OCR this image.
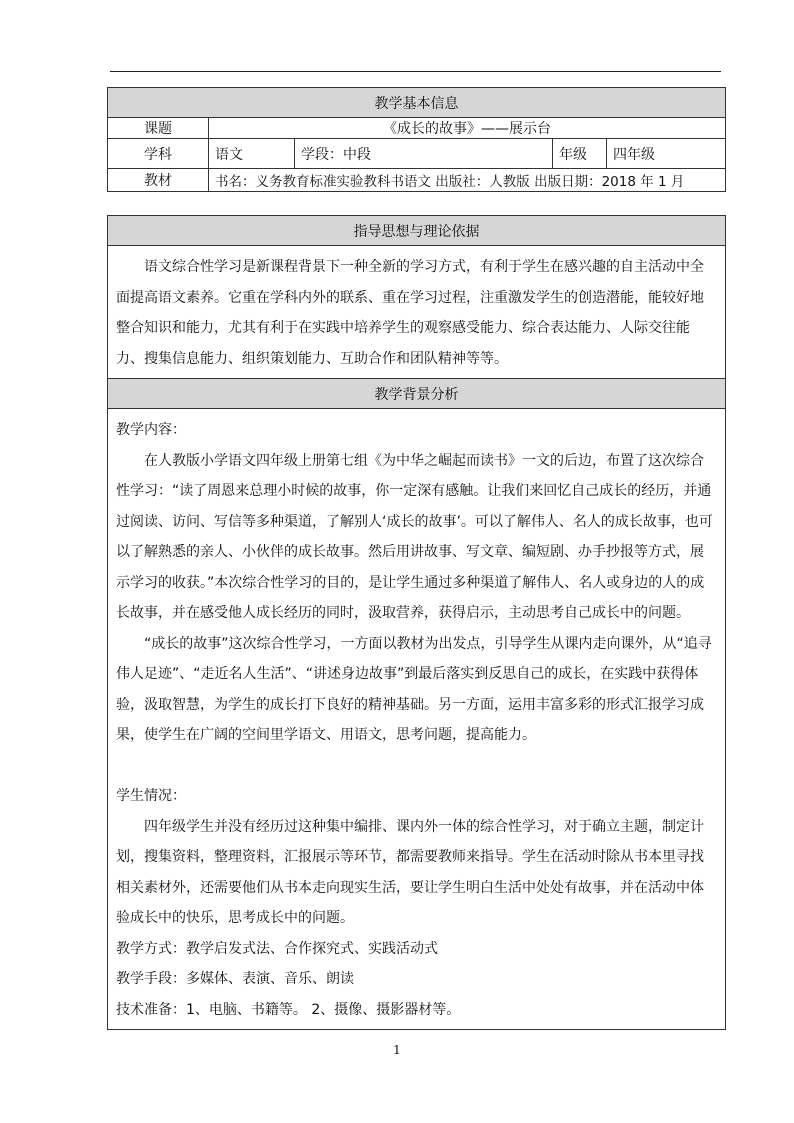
教学基本信息				
课题	《成长的故事》——展示台			
学科	语文	学段：中段	年级	四年级
教材	书名：义务教育标准实验教科书语文 出版社：人教版 出版日期：2018 年 1 月			
指导思想与理论依据

语文综合性学习是新课程背景下一种全新的学习方式，有利于学生在感兴趣的自主活动中全面提高语文素养。它重在学科内外的联系、重在学习过程，注重激发学生的创造潜能，能较好地整合知识和能力，尤其有利于在实践中培养学生的观察感受能力、综合表达能力、人际交往能力、搜集信息能力、组织策划能力、互助合作和团队精神等等。

教学背景分析

教学内容：

在人教版小学语文四年级上册第七组《为中华之崛起而读书》一文的后边，布置了这次综合性学习：“读了周恩来总理小时候的故事，你一定深有感触。让我们来回忆自己成长的经历，并通过阅读、访问、写信等多种渠道，了解别人‘成长的故事’。可以了解伟人、名人的成长故事，也可以了解熟悉的亲人、小伙伴的成长故事。然后用讲故事、写文章、编短剧、办手抄报等方式，展示学习的收获。”本次综合性学习的目的，是让学生通过多种渠道了解伟人、名人或身边的人的成长故事，并在感受他人成长经历的同时，汲取营养，获得启示，主动思考自己成长中的问题。

“成长的故事”这次综合性学习，一方面以教材为出发点，引导学生从课内走向课外，从“追寻伟人足迹”、“走近名人生活”、“讲述身边故事”到最后落实到反思自己的成长，在实践中获得体验，汲取智慧，为学生的成长打下良好的精神基础。另一方面，运用丰富多彩的形式汇报学习成果，使学生在广阔的空间里学语文、用语文，思考问题，提高能力。

学生情况：

四年级学生并没有经历过这种集中编排、课内外一体的综合性学习，对于确立主题，制定计划，搜集资料，整理资料，汇报展示等环节，都需要教师来指导。学生在活动时除从书本里寻找相关素材外，还需要他们从书本走向现实生活，要让学生明白生活中处处有故事，并在活动中体验成长中的快乐，思考成长中的问题。

教学方式：教学启发式法、合作探究式、实践活动式

教学手段：多媒体、表演、音乐、朗读

技术准备：1、电脑、书籍等。 2、摄像、摄影器材等。

1
